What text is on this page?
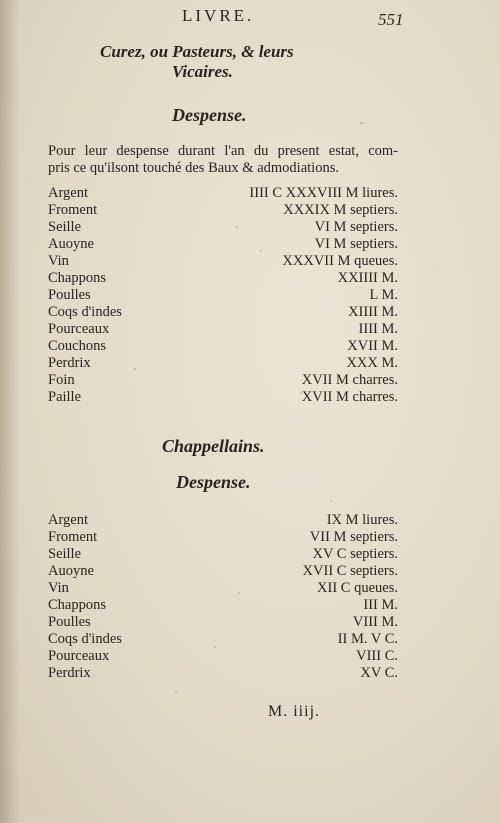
LIVRE.	551
Curez, ou Pasteurs, & leurs
Vicaires.
Despense.
Pour leur despense durant l'an du present estat, com-
pris ce qu'ilsont touché des Baux & admodiations.
Argent	IIII C XXXVIII M liures.
Froment	XXXIX M septiers.
Seille	VI M septiers.
Auoyne	VI M septiers.
Vin	XXXVII M queues.
Chappons	XXIIII M.
Poulles	L M.
Coqs d'indes	XIIII M.
Pourceaux	IIII M.
Couchons	XVII M.
Perdrix	XXX M.
Foin	XVII M charres.
Paille	XVII M charres.
Chappellains.
Despense.
Argent	IX M liures.
Froment	VII M septiers.
Seille	XV C septiers.
Auoyne	XVII C septiers.
Vin	XII C queues.
Chappons	III M.
Poulles	VIII M.
Coqs d'indes	II M. V C.
Pourceaux	VIII C.
Perdrix	XV C.
M. iiij.
